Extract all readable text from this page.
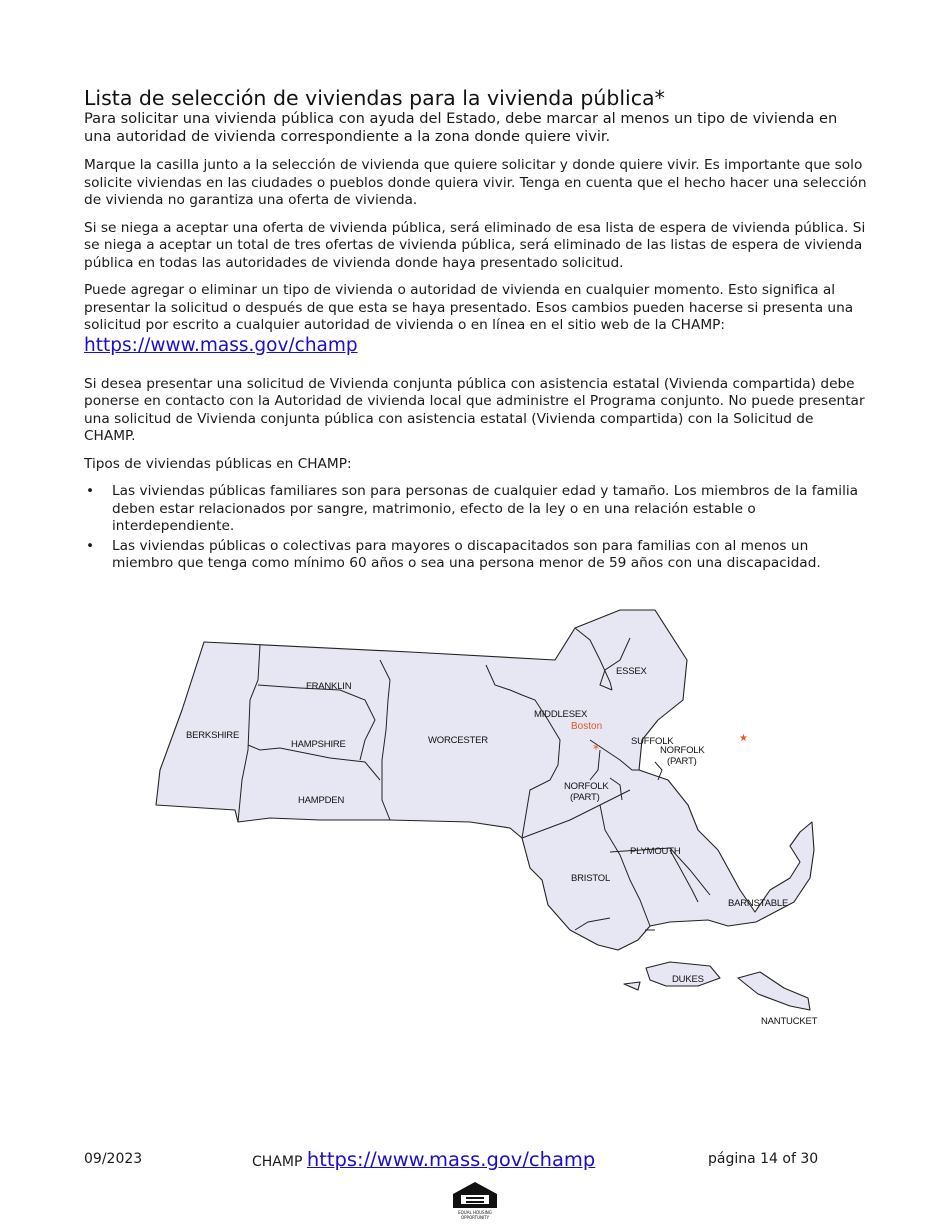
Lista de selección de viviendas para la vivienda pública*

Para solicitar una vivienda pública con ayuda del Estado, debe marcar al menos un tipo de vivienda en una autoridad de vivienda correspondiente a la zona donde quiere vivir.

Marque la casilla junto a la selección de vivienda que quiere solicitar y donde quiere vivir. Es importante que solo solicite viviendas en las ciudades o pueblos donde quiera vivir. Tenga en cuenta que el hecho hacer una selección de vivienda no garantiza una oferta de vivienda.

Si se niega a aceptar una oferta de vivienda pública, será eliminado de esa lista de espera de vivienda pública. Si se niega a aceptar un total de tres ofertas de vivienda pública, será eliminado de las listas de espera de vivienda pública en todas las autoridades de vivienda donde haya presentado solicitud.

Puede agregar o eliminar un tipo de vivienda o autoridad de vivienda en cualquier momento. Esto significa al presentar la solicitud o después de que esta se haya presentado. Esos cambios pueden hacerse si presenta una solicitud por escrito a cualquier autoridad de vivienda o en línea en el sitio web de la CHAMP:

https://www.mass.gov/champ

Si desea presentar una solicitud de Vivienda conjunta pública con asistencia estatal (Vivienda compartida) debe ponerse en contacto con la Autoridad de vivienda local que administre el Programa conjunto. No puede presentar una solicitud de Vivienda conjunta pública con asistencia estatal (Vivienda compartida) con la Solicitud de CHAMP.

Tipos de viviendas públicas en CHAMP:

• Las viviendas públicas familiares son para personas de cualquier edad y tamaño. Los miembros de la familia deben estar relacionados por sangre, matrimonio, efecto de la ley o en una relación estable o interdependiente.
• Las viviendas públicas o colectivas para mayores o discapacitados son para familias con al menos un miembro que tenga como mínimo 60 años o sea una persona menor de 59 años con una discapacidad.
★
Boston
*
BERKSHIRE
FRANKLIN
HAMPSHIRE
HAMPDEN
WORCESTER
MIDDLESEX
ESSEX
SUFFOLK
NORFOLK
(PART)
NORFOLK
(PART)
PLYMOUTH
BRISTOL
BARNSTABLE
DUKES
NANTUCKET
09/2023	CHAMP https://www.mass.gov/champ	página 14 of 30
EQUAL HOUSING
OPPORTUNITY
